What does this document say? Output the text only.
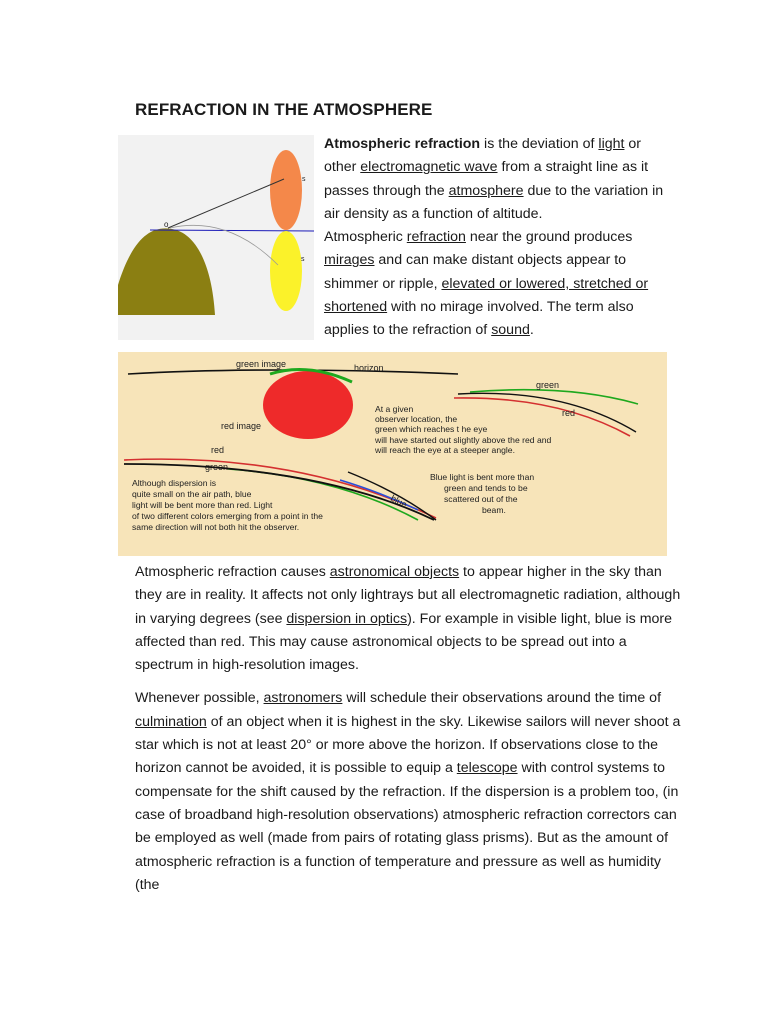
REFRACTION IN THE ATMOSPHERE
s
s
o

Atmospheric refraction is the deviation of light or other electromagnetic wave from a straight line as it passes through the atmosphere due to the variation in air density as a function of altitude.

Atmospheric refraction near the ground produces mirages and can make distant objects appear to shimmer or ripple, elevated or lowered, stretched or shortened with no mirage involved. The term also applies to the refraction of sound.

green image	horizon
red image
green
red
At a given observer location, the green which reaches t he eye will have started out slightly above the red and will reach the eye at a steeper angle.
red
green
blue
Blue light is bent more than green and tends to be scattered out of the beam.
Although dispersion is quite small on the air path, blue light will be bent more than red. Light of two different colors emerging from a point in the same direction will not both hit the observer.

Atmospheric refraction causes astronomical objects to appear higher in the sky than they are in reality. It affects not only lightrays but all electromagnetic radiation, although in varying degrees (see dispersion in optics). For example in visible light, blue is more affected than red. This may cause astronomical objects to be spread out into a spectrum in high-resolution images.

Whenever possible, astronomers will schedule their observations around the time of culmination of an object when it is highest in the sky. Likewise sailors will never shoot a star which is not at least 20° or more above the horizon. If observations close to the horizon cannot be avoided, it is possible to equip a telescope with control systems to compensate for the shift caused by the refraction. If the dispersion is a problem too, (in case of broadband high-resolution observations) atmospheric refraction correctors can be employed as well (made from pairs of rotating glass prisms). But as the amount of atmospheric refraction is a function of temperature and pressure as well as humidity (the
